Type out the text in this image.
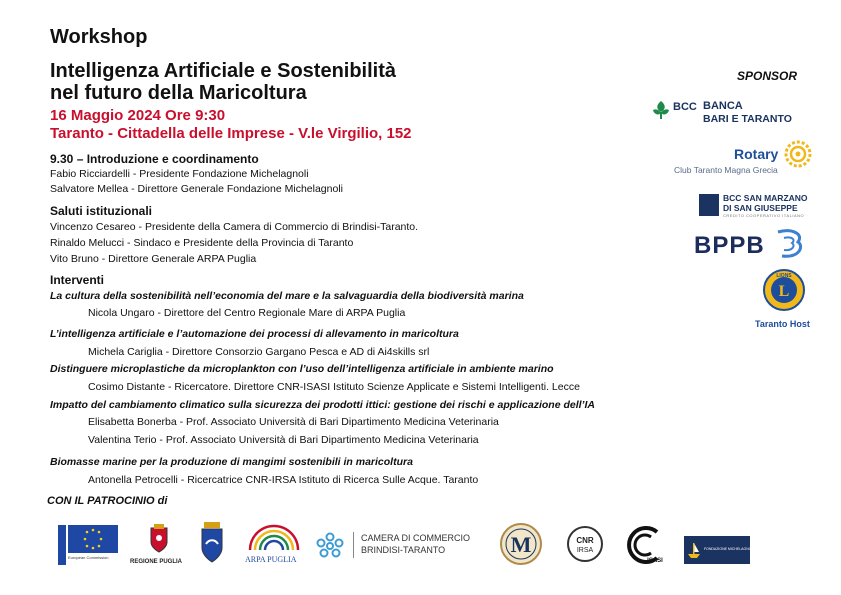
Workshop
Intelligenza Artificiale e Sostenibilità
nel futuro della Maricoltura
16 Maggio 2024 Ore 9:30
Taranto - Cittadella delle Imprese - V.le Virgilio, 152
9.30 – Introduzione e coordinamento
Fabio Ricciardelli - Presidente Fondazione Michelagnoli
Salvatore Mellea - Direttore Generale Fondazione Michelagnoli
Saluti istituzionali
Vincenzo Cesareo - Presidente della Camera di Commercio di Brindisi-Taranto.
Rinaldo Melucci - Sindaco e Presidente della Provincia di Taranto
Vito Bruno - Direttore Generale ARPA Puglia
Interventi
La cultura della sostenibilità nell’economia del mare e la salvaguardia della biodiversità marina
Nicola Ungaro - Direttore del Centro Regionale Mare di ARPA Puglia
L’intelligenza artificiale e l’automazione dei processi di allevamento in maricoltura
Michela Cariglia - Direttore Consorzio Gargano Pesca e AD di Ai4skills srl
Distinguere microplastiche da microplankton con l’uso dell’intelligenza artificiale in ambiente marino
Cosimo Distante - Ricercatore. Direttore CNR-ISASI Istituto Scienze Applicate e Sistemi Intelligenti. Lecce
Impatto del cambiamento climatico sulla sicurezza dei prodotti ittici: gestione dei rischi e applicazione dell’IA
Elisabetta Bonerba - Prof. Associato Università di Bari Dipartimento Medicina Veterinaria
Valentina Terio - Prof. Associato Università di Bari Dipartimento Medicina Veterinaria
Biomasse marine per la produzione di mangimi sostenibili in maricoltura
Antonella Petrocelli - Ricercatrice CNR-IRSA Istituto di Ricerca Sulle Acque. Taranto
SPONSOR
BCC BANCA
BARI E TARANTO
Rotary
Club Taranto Magna Grecia
BCC SAN MARZANO
DI SAN GIUSEPPE
CREDITO COOPERATIVO ITALIANO
BPPB
L
LIONS
Taranto Host
CON IL PATROCINIO di
European Commission
REGIONE PUGLIA	ARPA PUGLIA
CAMERA DI COMMERCIO
BRINDISI-TARANTO	M	CNR
IRSA
ISASI
FONDAZIONE MICHELAGNOLI
